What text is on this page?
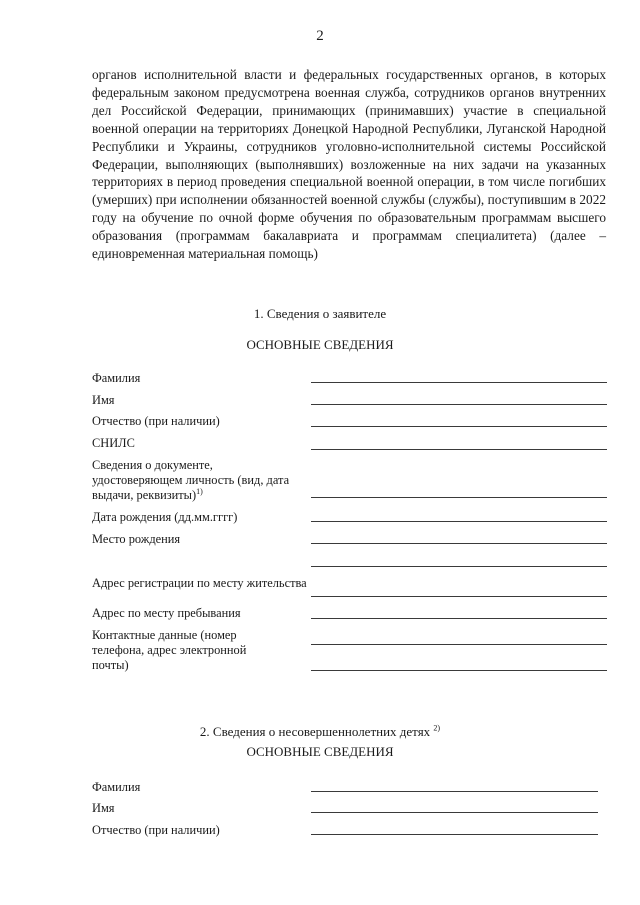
2

органов исполнительной власти и федеральных государственных органов, в которых федеральным законом предусмотрена военная служба, сотрудников органов внутренних дел Российской Федерации, принимающих (принимавших) участие в специальной военной операции на территориях Донецкой Народной Республики, Луганской Народной Республики и Украины, сотрудников уголовно-исполнительной системы Российской Федерации, выполняющих (выполнявших) возложенные на них задачи на указанных территориях в период проведения специальной военной операции, в том числе погибших (умерших) при исполнении обязанностей военной службы (службы), поступившим в 2022 году на обучение по очной форме обучения по образовательным программам высшего образования (программам бакалавриата и программам специалитета) (далее – единовременная материальная помощь)

1. Сведения о заявителе
ОСНОВНЫЕ СВЕДЕНИЯ

Фамилия

Имя

Отчество (при наличии)

СНИЛС

Сведения о документе, удостоверяющем личность (вид, дата выдачи, реквизиты)$^{1)}$

Дата рождения (дд.мм.гггг)

Место рождения

Адрес регистрации по месту жительства

Адрес по месту пребывания

Контактные данные (номер телефона, адрес электронной почты)

2. Сведения о несовершеннолетних детях $^{2)}$
ОСНОВНЫЕ СВЕДЕНИЯ

Фамилия

Имя

Отчество (при наличии)
